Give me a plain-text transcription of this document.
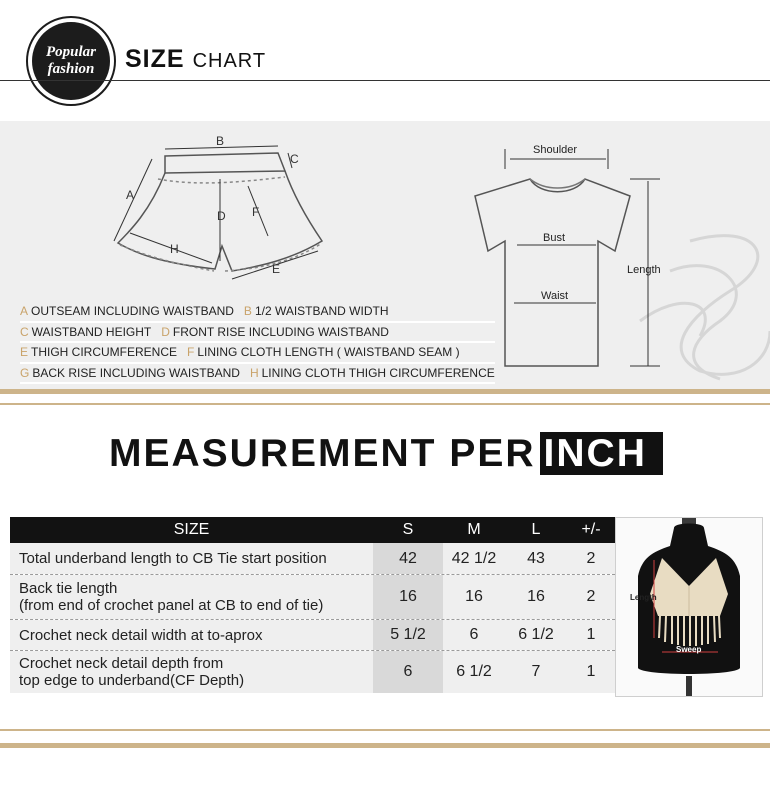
Popular
fashion	SIZE CHART
B
A
C
D F
H
E
Shoulder
Bust
Waist
Length
A OUTSEAM INCLUDING WAISTBAND B 1/2 WAISTBAND WIDTH
C WAISTBAND HEIGHT D FRONT RISE INCLUDING WAISTBAND
E THIGH CIRCUMFERENCE F LINING CLOTH LENGTH ( WAISTBAND SEAM )
G BACK RISE INCLUDING WAISTBAND H LINING CLOTH THIGH CIRCUMFERENCE
MEASUREMENT PER INCH
SIZE	S	M	L	+/-
Total underband length to CB Tie start position	42	42 1/2	43	2
Back tie length
(from end of crochet panel at CB to end of tie)
16	16	16	2
Crochet neck detail width at to-aprox	5 1/2	6	6 1/2	1
Crochet neck detail depth from
top edge to underband(CF Depth)
6	6 1/2	7	1
Length
Sweep
